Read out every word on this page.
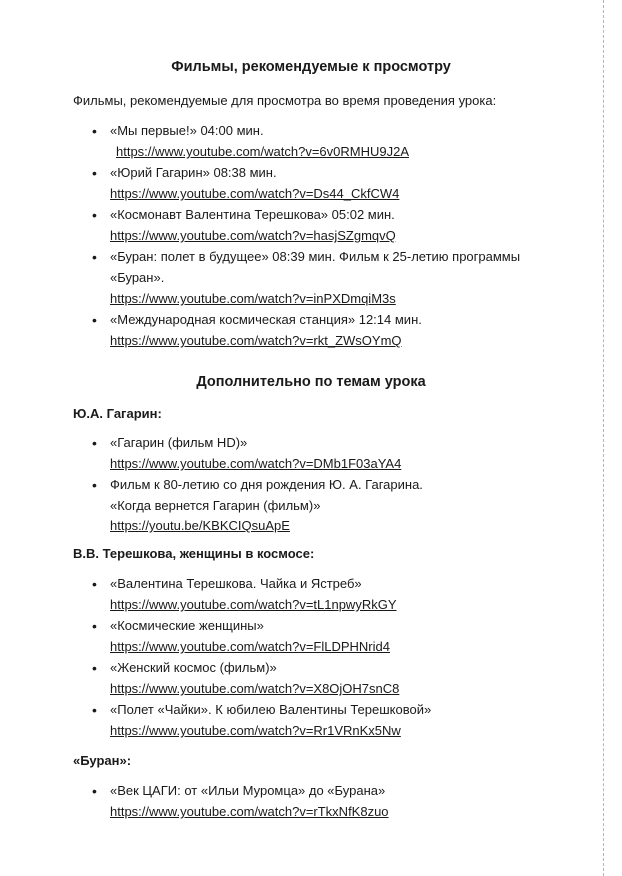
Фильмы, рекомендуемые к просмотру
Фильмы, рекомендуемые для просмотра во время проведения урока:
• «Мы первые!» 04:00 мин.
https://www.youtube.com/watch?v=6v0RMHU9J2A
• «Юрий Гагарин» 08:38 мин.
https://www.youtube.com/watch?v=Ds44_CkfCW4
• «Космонавт Валентина Терешкова» 05:02 мин.
https://www.youtube.com/watch?v=hasjSZgmqvQ
• «Буран: полет в будущее» 08:39 мин. Фильм к 25-летию программы
«Буран».
https://www.youtube.com/watch?v=inPXDmqiM3s
• «Международная космическая станция» 12:14 мин.
https://www.youtube.com/watch?v=rkt_ZWsOYmQ
Дополнительно по темам урока
Ю.А. Гагарин:
• «Гагарин (фильм HD)»
https://www.youtube.com/watch?v=DMb1F03aYA4
• Фильм к 80-летию со дня рождения Ю. А. Гагарина.
«Когда вернется Гагарин (фильм)»
https://youtu.be/KBKCIQsuApE
В.В. Терешкова, женщины в космосе:
• «Валентина Терешкова. Чайка и Ястреб»
https://www.youtube.com/watch?v=tL1npwyRkGY
• «Космические женщины»
https://www.youtube.com/watch?v=FlLDPHNrid4
• «Женский космос (фильм)»
https://www.youtube.com/watch?v=X8OjOH7snC8
• «Полет «Чайки». К юбилею Валентины Терешковой»
https://www.youtube.com/watch?v=Rr1VRnKx5Nw
«Буран»:
• «Век ЦАГИ: от «Ильи Муромца» до «Бурана»
https://www.youtube.com/watch?v=rTkxNfK8zuo
